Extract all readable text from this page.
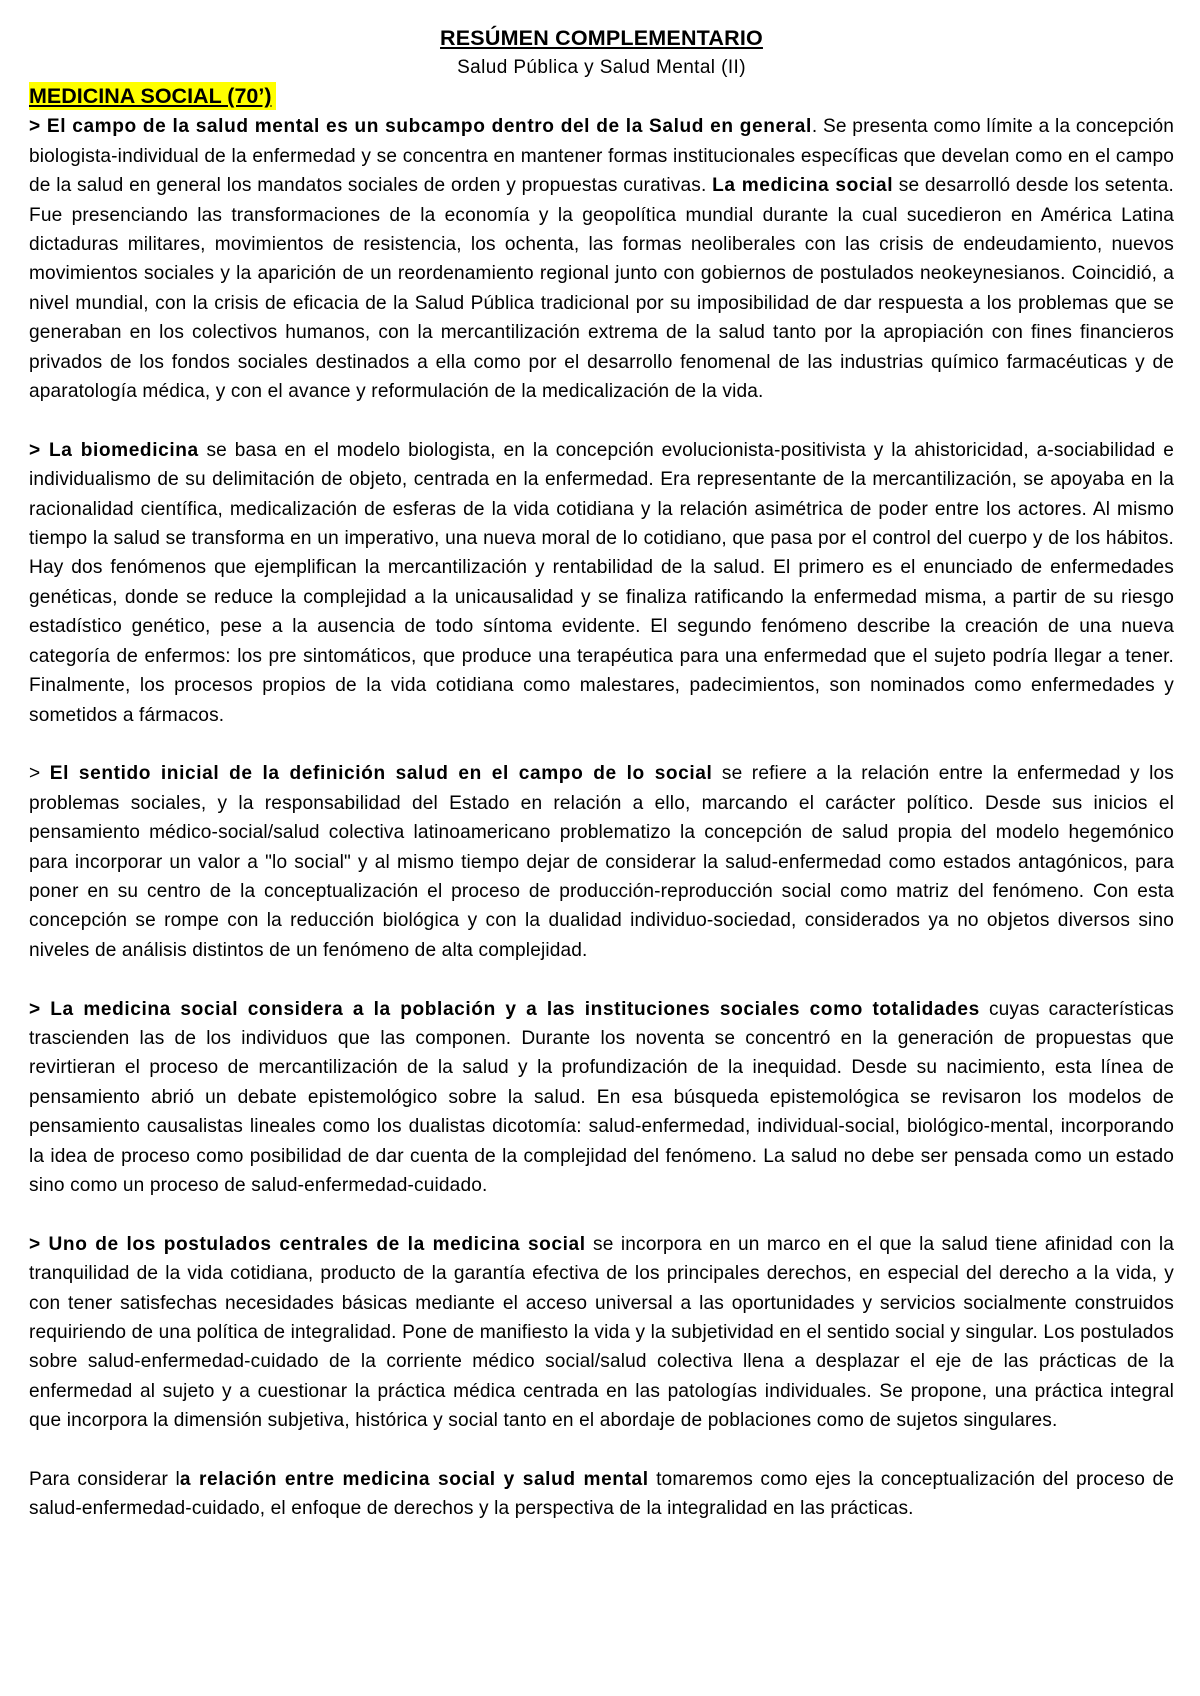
RESÚMEN COMPLEMENTARIO
Salud Pública y Salud Mental (II)
MEDICINA SOCIAL (70’)

> El campo de la salud mental es un subcampo dentro del de la Salud en general. Se presenta como límite a la concepción biologista-individual de la enfermedad y se concentra en mantener formas institucionales específicas que develan como en el campo de la salud en general los mandatos sociales de orden y propuestas curativas. La medicina social se desarrolló desde los setenta. Fue presenciando las transformaciones de la economía y la geopolítica mundial durante la cual sucedieron en América Latina dictaduras militares, movimientos de resistencia, los ochenta, las formas neoliberales con las crisis de endeudamiento, nuevos movimientos sociales y la aparición de un reordenamiento regional junto con gobiernos de postulados neokeynesianos. Coincidió, a nivel mundial, con la crisis de eficacia de la Salud Pública tradicional por su imposibilidad de dar respuesta a los problemas que se generaban en los colectivos humanos, con la mercantilización extrema de la salud tanto por la apropiación con fines financieros privados de los fondos sociales destinados a ella como por el desarrollo fenomenal de las industrias químico farmacéuticas y de aparatología médica, y con el avance y reformulación de la medicalización de la vida.

> La biomedicina se basa en el modelo biologista, en la concepción evolucionista-positivista y la ahistoricidad, a-sociabilidad e individualismo de su delimitación de objeto, centrada en la enfermedad. Era representante de la mercantilización, se apoyaba en la racionalidad científica, medicalización de esferas de la vida cotidiana y la relación asimétrica de poder entre los actores. Al mismo tiempo la salud se transforma en un imperativo, una nueva moral de lo cotidiano, que pasa por el control del cuerpo y de los hábitos. Hay dos fenómenos que ejemplifican la mercantilización y rentabilidad de la salud. El primero es el enunciado de enfermedades genéticas, donde se reduce la complejidad a la unicausalidad y se finaliza ratificando la enfermedad misma, a partir de su riesgo estadístico genético, pese a la ausencia de todo síntoma evidente. El segundo fenómeno describe la creación de una nueva categoría de enfermos: los pre sintomáticos, que produce una terapéutica para una enfermedad que el sujeto podría llegar a tener. Finalmente, los procesos propios de la vida cotidiana como malestares, padecimientos, son nominados como enfermedades y sometidos a fármacos.

> El sentido inicial de la definición salud en el campo de lo social se refiere a la relación entre la enfermedad y los problemas sociales, y la responsabilidad del Estado en relación a ello, marcando el carácter político. Desde sus inicios el pensamiento médico-social/salud colectiva latinoamericano problematizo la concepción de salud propia del modelo hegemónico para incorporar un valor a "lo social" y al mismo tiempo dejar de considerar la salud-enfermedad como estados antagónicos, para poner en su centro de la conceptualización el proceso de producción-reproducción social como matriz del fenómeno. Con esta concepción se rompe con la reducción biológica y con la dualidad individuo-sociedad, considerados ya no objetos diversos sino niveles de análisis distintos de un fenómeno de alta complejidad.

> La medicina social considera a la población y a las instituciones sociales como totalidades cuyas características trascienden las de los individuos que las componen. Durante los noventa se concentró en la generación de propuestas que revirtieran el proceso de mercantilización de la salud y la profundización de la inequidad. Desde su nacimiento, esta línea de pensamiento abrió un debate epistemológico sobre la salud. En esa búsqueda epistemológica se revisaron los modelos de pensamiento causalistas lineales como los dualistas dicotomía: salud-enfermedad, individual-social, biológico-mental, incorporando la idea de proceso como posibilidad de dar cuenta de la complejidad del fenómeno. La salud no debe ser pensada como un estado sino como un proceso de salud-enfermedad-cuidado.

> Uno de los postulados centrales de la medicina social se incorpora en un marco en el que la salud tiene afinidad con la tranquilidad de la vida cotidiana, producto de la garantía efectiva de los principales derechos, en especial del derecho a la vida, y con tener satisfechas necesidades básicas mediante el acceso universal a las oportunidades y servicios socialmente construidos requiriendo de una política de integralidad. Pone de manifiesto la vida y la subjetividad en el sentido social y singular. Los postulados sobre salud-enfermedad-cuidado de la corriente médico social/salud colectiva llena a desplazar el eje de las prácticas de la enfermedad al sujeto y a cuestionar la práctica médica centrada en las patologías individuales. Se propone, una práctica integral que incorpora la dimensión subjetiva, histórica y social tanto en el abordaje de poblaciones como de sujetos singulares.

Para considerar la relación entre medicina social y salud mental tomaremos como ejes la conceptualización del proceso de salud-enfermedad-cuidado, el enfoque de derechos y la perspectiva de la integralidad en las prácticas.
